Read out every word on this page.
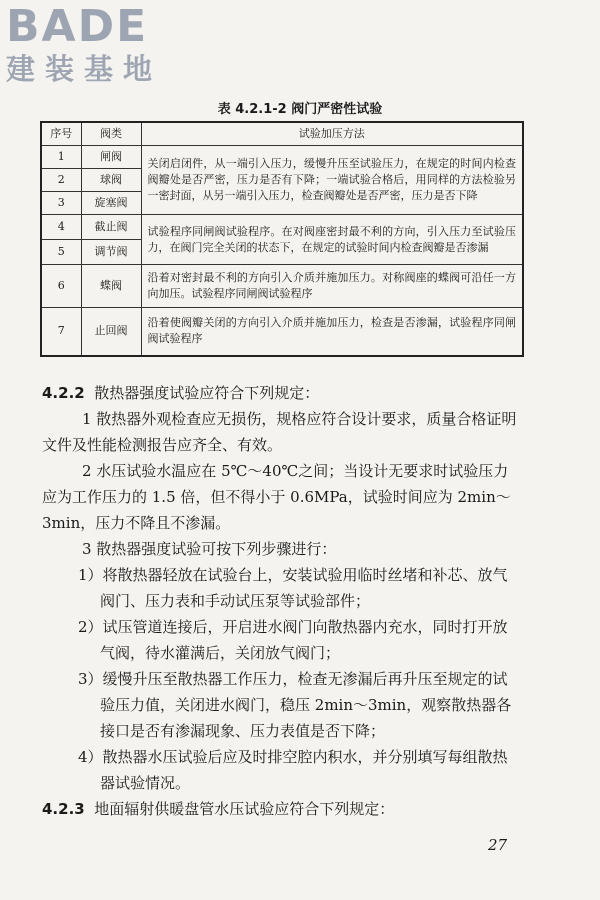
BADE
建装基地
表 4.2.1-2 阀门严密性试验
序号	阀类	试验加压方法
1	闸阀	关闭启闭件，从一端引入压力，缓慢升压至试验压力，在规定的时间内检查阀瓣处是否严密，压力是否有下降；一端试验合格后，用同样的方法检验另一密封面，从另一端引入压力，检查阀瓣处是否严密，压力是否下降
2	球阀	
3	旋塞阀	
4	截止阀	试验程序同闸阀试验程序。在对阀座密封最不利的方向，引入压力至试验压力，在阀门完全关闭的状态下，在规定的试验时间内检查阀瓣是否渗漏
5	调节阀	
6	蝶阀	沿着对密封最不利的方向引入介质并施加压力。对称阀座的蝶阀可沿任一方向加压。试验程序同闸阀试验程序
7	止回阀	沿着使阀瓣关闭的方向引入介质并施加压力，检查是否渗漏，试验程序同闸阀试验程序
4.2.2 散热器强度试验应符合下列规定：
1 散热器外观检查应无损伤，规格应符合设计要求，质量合格证明文件及性能检测报告应齐全、有效。
2 水压试验水温应在 5℃～40℃之间；当设计无要求时试验压力应为工作压力的 1.5 倍，但不得小于 0.6MPa，试验时间应为 2min～3min，压力不降且不渗漏。
3 散热器强度试验可按下列步骤进行：
1）将散热器轻放在试验台上，安装试验用临时丝堵和补芯、放气阀门、压力表和手动试压泵等试验部件；
2）试压管道连接后，开启进水阀门向散热器内充水，同时打开放气阀，待水灌满后，关闭放气阀门；
3）缓慢升压至散热器工作压力，检查无渗漏后再升压至规定的试验压力值，关闭进水阀门，稳压 2min～3min，观察散热器各接口是否有渗漏现象、压力表值是否下降；
4）散热器水压试验后应及时排空腔内积水，并分别填写每组散热器试验情况。
4.2.3 地面辐射供暖盘管水压试验应符合下列规定：
27
